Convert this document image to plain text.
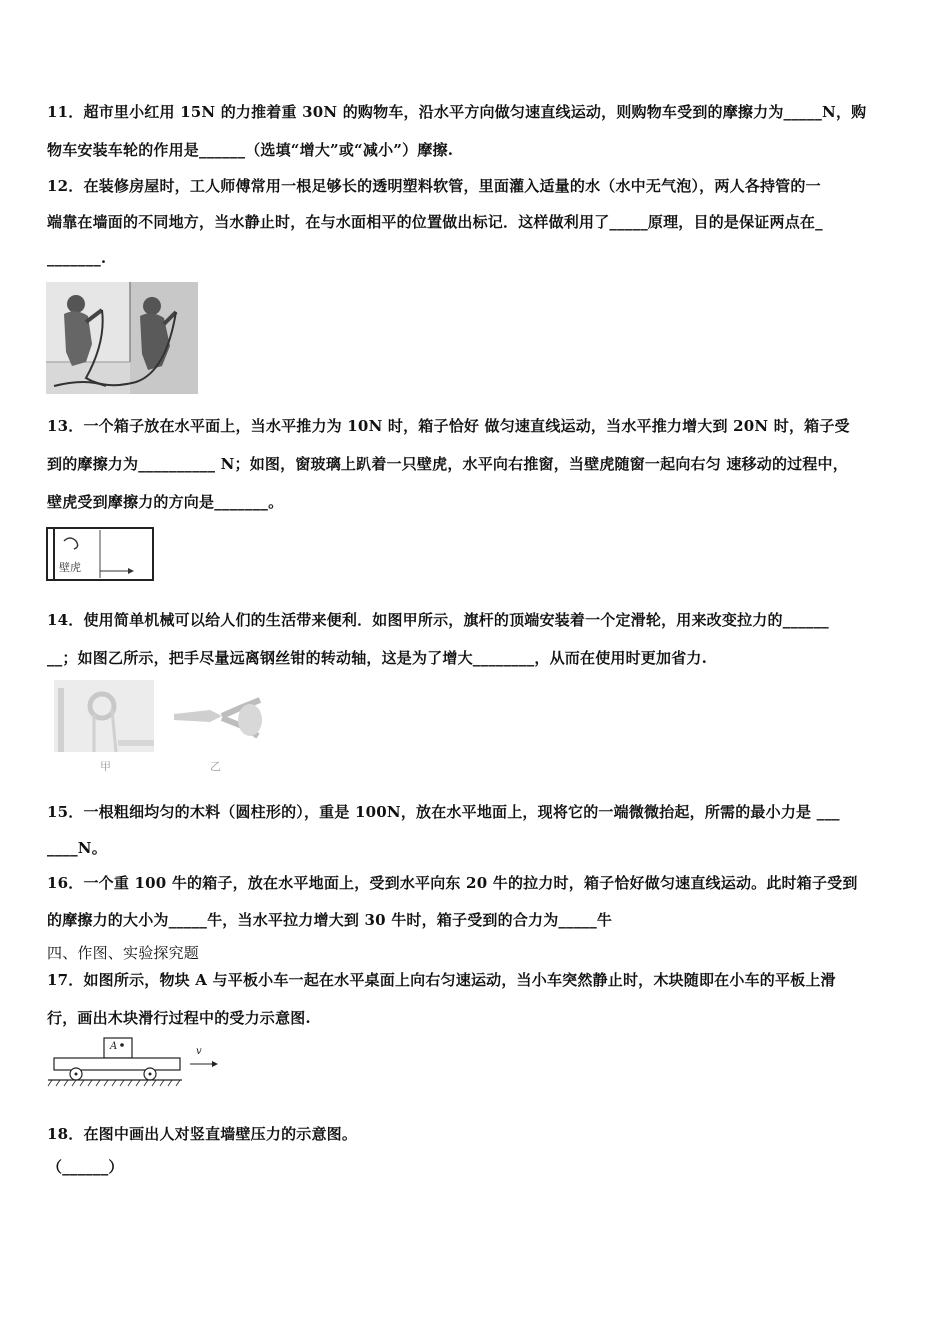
11．超市里小红用 15N 的力推着重 30N 的购物车，沿水平方向做匀速直线运动，则购物车受到的摩擦力为_____N，购
物车安装车轮的作用是______（选填“增大”或“减小”）摩擦.
12．在装修房屋时，工人师傅常用一根足够长的透明塑料软管，里面灌入适量的水（水中无气泡），两人各持管的一
端靠在墙面的不同地方，当水静止时，在与水面相平的位置做出标记．这样做利用了_____原理，目的是保证两点在_
_______.
13．一个箱子放在水平面上，当水平推力为 10N 时，箱子恰好 做匀速直线运动，当水平推力增大到 20N 时，箱子受
到的摩擦力为__________ N；如图，窗玻璃上趴着一只壁虎，水平向右推窗，当壁虎随窗一起向右匀 速移动的过程中，
壁虎受到摩擦力的方向是_______。
壁虎
14．使用简单机械可以给人们的生活带来便利．如图甲所示，旗杆的顶端安装着一个定滑轮，用来改变拉力的______
__；如图乙所示，把手尽量远离钢丝钳的转动轴，这是为了增大________，从而在使用时更加省力.
甲	乙
15．一根粗细均匀的木料（圆柱形的），重是 100N，放在水平地面上，现将它的一端微微抬起，所需的最小力是 ___
____N。
16．一个重 100 牛的箱子，放在水平地面上，受到水平向东 20 牛的拉力时，箱子恰好做匀速直线运动。此时箱子受到
的摩擦力的大小为_____牛，当水平拉力增大到 30 牛时，箱子受到的合力为_____牛
四、作图、实验探究题
17．如图所示，物块 A 与平板小车一起在水平桌面上向右匀速运动，当小车突然静止时，木块随即在小车的平板上滑
行，画出木块滑行过程中的受力示意图.
A	v
18．在图中画出人对竖直墙壁压力的示意图。
（______）
